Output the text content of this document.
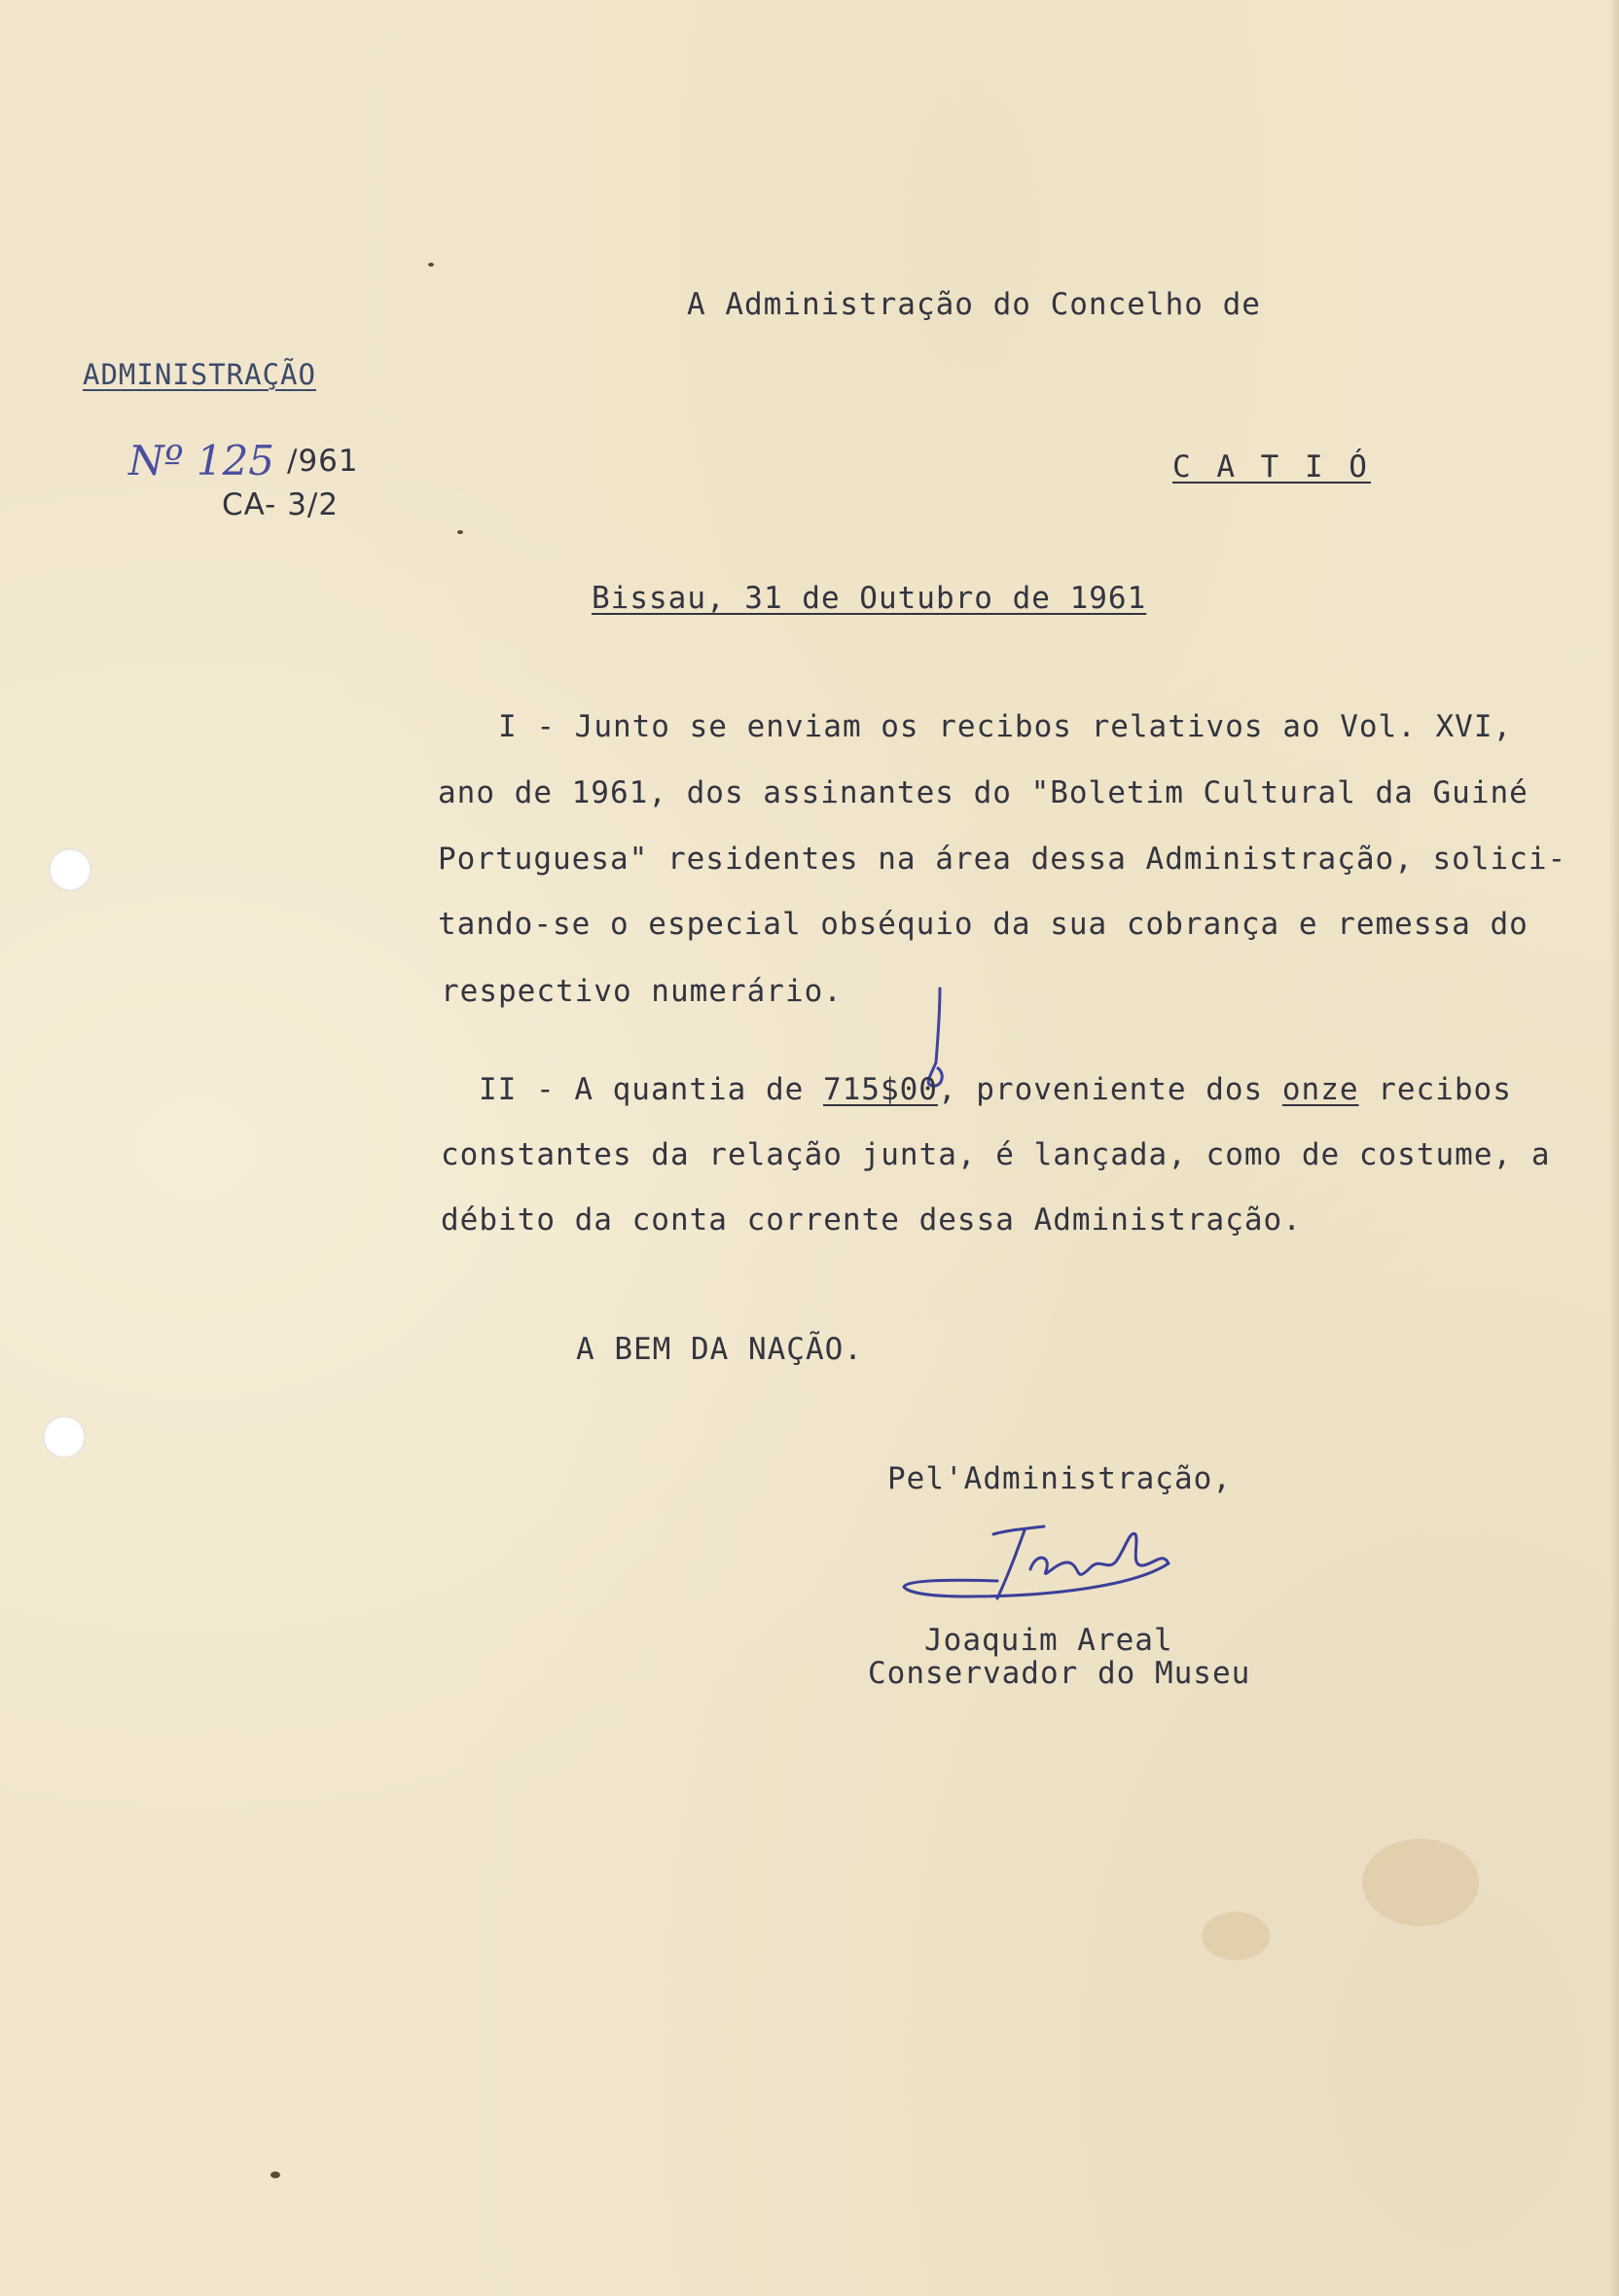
A Administração do Concelho de
ADMINISTRAÇÃO
Nº 125 /961
CA- 3/2
C A T I Ó
Bissau, 31 de Outubro de 1961
I - Junto se enviam os recibos relativos ao Vol. XVI,
ano de 1961, dos assinantes do "Boletim Cultural da Guiné
Portuguesa" residentes na área dessa Administração, solici-
tando-se o especial obséquio da sua cobrança e remessa do
respectivo numerário.
II - A quantia de 715$00, proveniente dos onze recibos
constantes da relação junta, é lançada, como de costume, a
débito da conta corrente dessa Administração.
A BEM DA NAÇÃO.
Pel'Administração,
Joaquim Areal
Conservador do Museu
